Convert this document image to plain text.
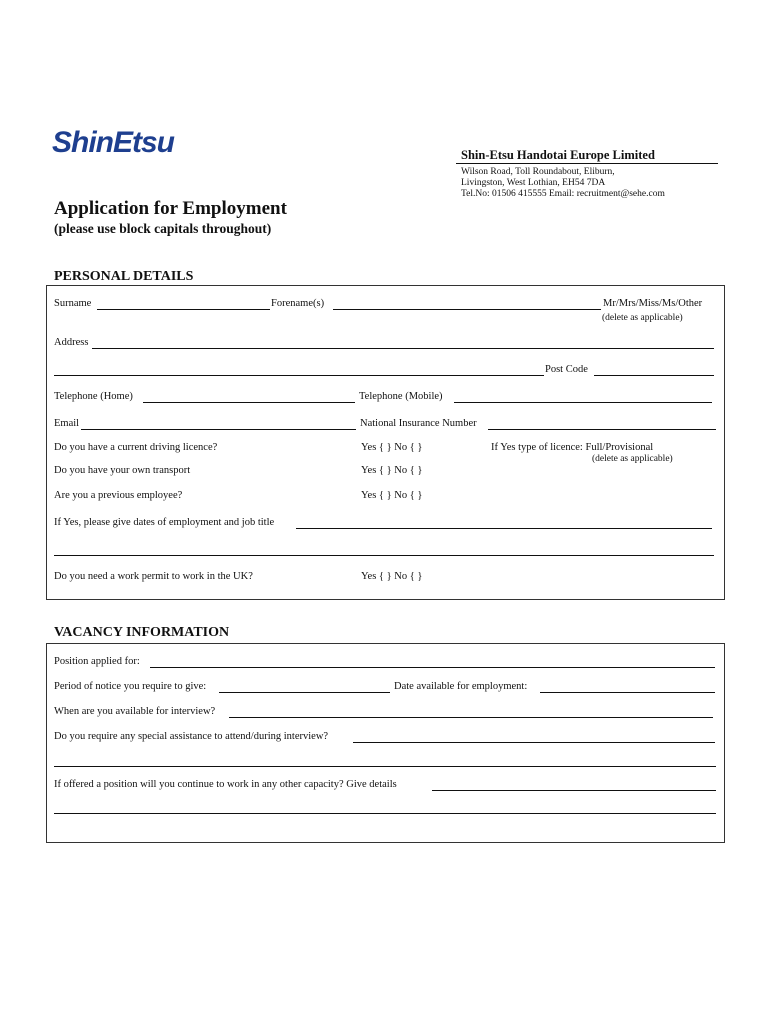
ShinEtsu	Shin-Etsu Handotai Europe Limited
Wilson Road, Toll Roundabout, Eliburn,
Livingston, West Lothian, EH54 7DA
Tel.No: 01506 415555 Email: recruitment@sehe.com
Application for Employment
(please use block capitals throughout)
PERSONAL DETAILS
Surname	Forename(s)	Mr/Mrs/Miss/Ms/Other
(delete as applicable)
Address
Post Code
Telephone (Home)	Telephone (Mobile)
Email	National Insurance Number
Do you have a current driving licence?	Yes { } No { }	If Yes type of licence: Full/Provisional
(delete as applicable)
Do you have your own transport	Yes { } No { }
Are you a previous employee?	Yes { } No { }
If Yes, please give dates of employment and job title
Do you need a work permit to work in the UK?	Yes { } No { }
VACANCY INFORMATION
Position applied for:
Period of notice you require to give:	Date available for employment:
When are you available for interview?
Do you require any special assistance to attend/during interview?
If offered a position will you continue to work in any other capacity? Give details
